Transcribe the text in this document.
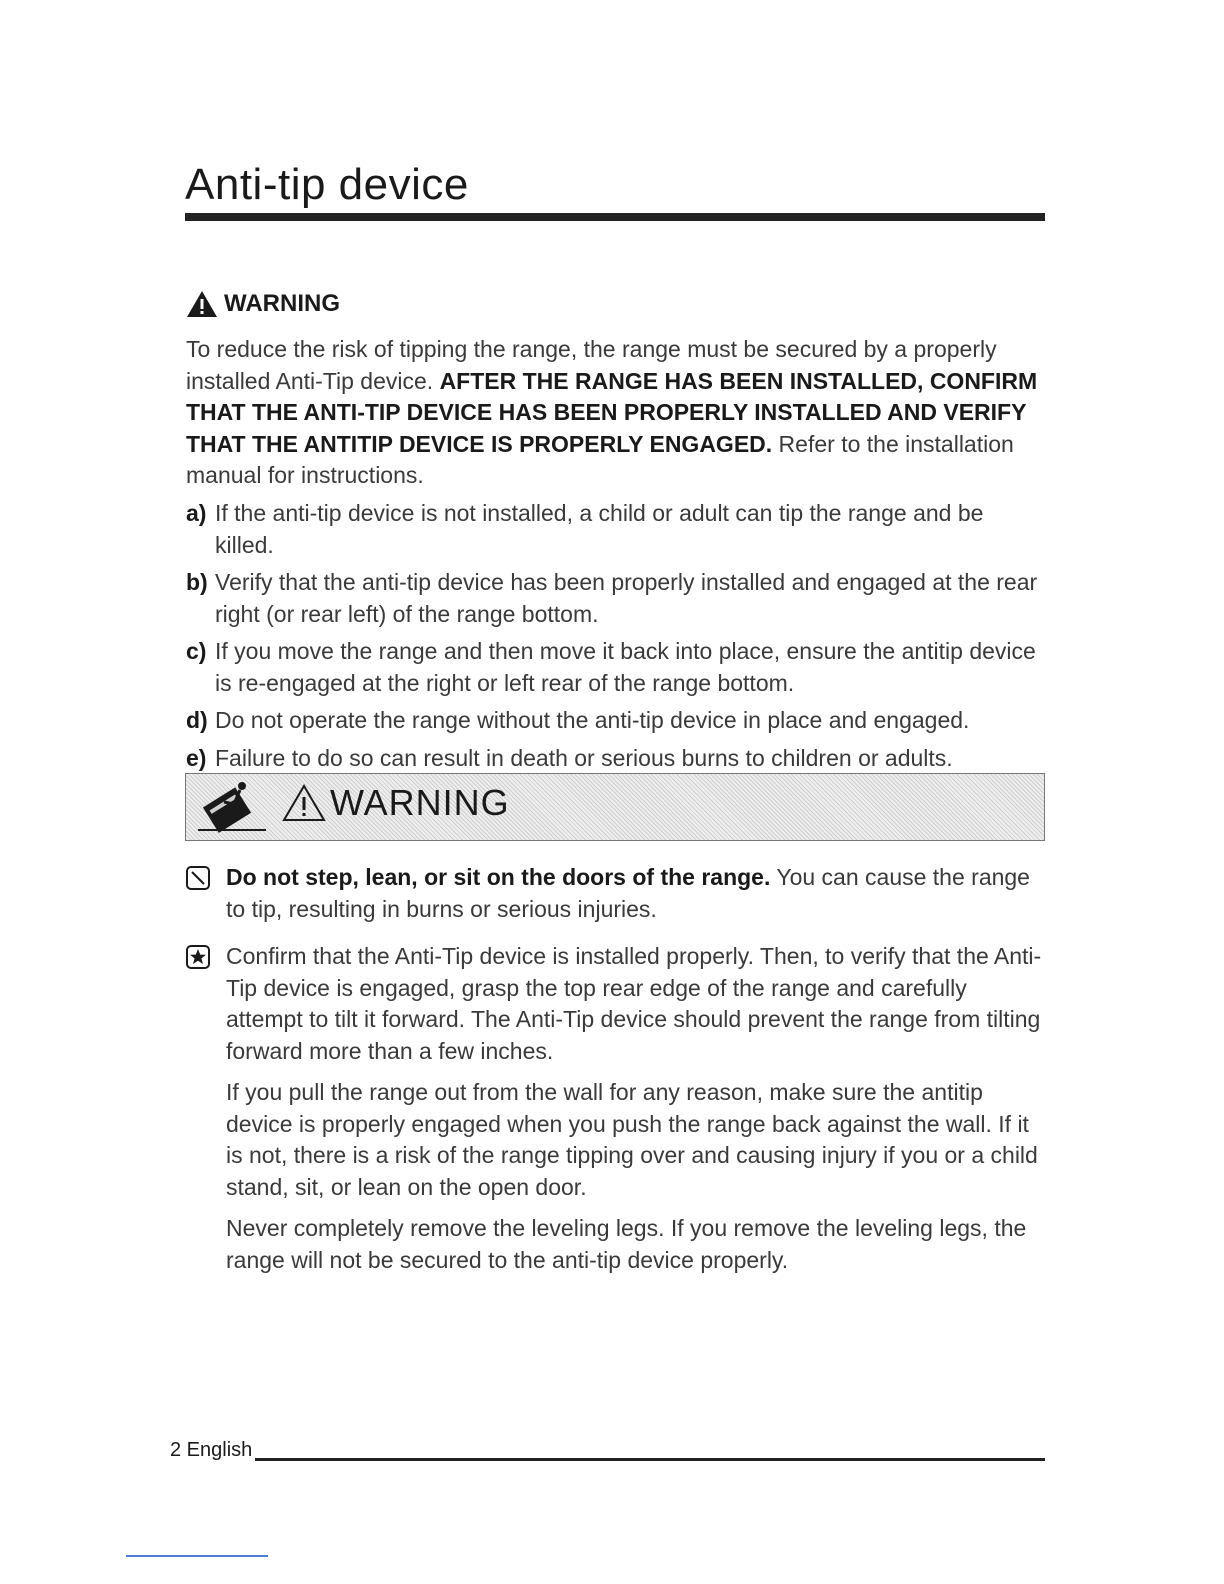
Anti-tip device
WARNING

To reduce the risk of tipping the range, the range must be secured by a properly installed Anti-Tip device. AFTER THE RANGE HAS BEEN INSTALLED, CONFIRM THAT THE ANTI-TIP DEVICE HAS BEEN PROPERLY INSTALLED AND VERIFY THAT THE ANTITIP DEVICE IS PROPERLY ENGAGED. Refer to the installation manual for instructions.

a) If the anti-tip device is not installed, a child or adult can tip the range and be killed.
b) Verify that the anti-tip device has been properly installed and engaged at the rear right (or rear left) of the range bottom.
c) If you move the range and then move it back into place, ensure the antitip device is re-engaged at the right or left rear of the range bottom.
d) Do not operate the range without the anti-tip device in place and engaged.
e) Failure to do so can result in death or serious burns to children or adults.
WARNING

Do not step, lean, or sit on the doors of the range. You can cause the range to tip, resulting in burns or serious injuries.

Confirm that the Anti-Tip device is installed properly. Then, to verify that the Anti-Tip device is engaged, grasp the top rear edge of the range and carefully attempt to tilt it forward. The Anti-Tip device should prevent the range from tilting forward more than a few inches.

If you pull the range out from the wall for any reason, make sure the antitip device is properly engaged when you push the range back against the wall. If it is not, there is a risk of the range tipping over and causing injury if you or a child stand, sit, or lean on the open door.

Never completely remove the leveling legs. If you remove the leveling legs, the range will not be secured to the anti-tip device properly.

2 English
